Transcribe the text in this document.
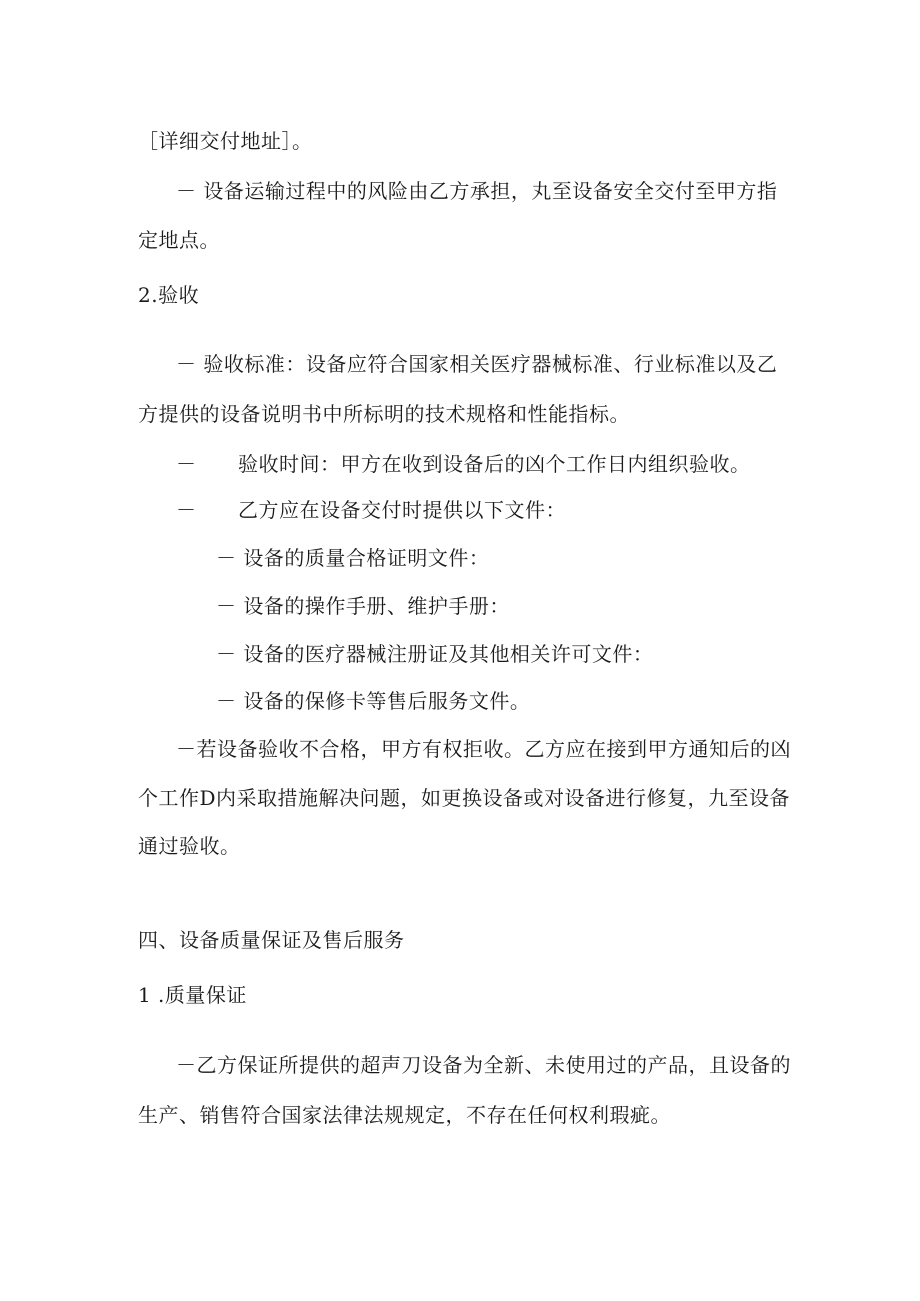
［详细交付地址］。
－ 设备运输过程中的风险由乙方承担，丸至设备安全交付至甲方指
定地点。
2.验收
－ 验收标准：设备应符合国家相关医疗器械标准、行业标准以及乙
方提供的设备说明书中所标明的技术规格和性能指标。
－ 验收时间：甲方在收到设备后的凶个工作日内组织验收。
－ 乙方应在设备交付时提供以下文件：
－ 设备的质量合格证明文件：
－ 设备的操作手册、维护手册：
－ 设备的医疗器械注册证及其他相关许可文件：
－ 设备的保修卡等售后服务文件。
－若设备验收不合格，甲方有权拒收。乙方应在接到甲方通知后的凶
个工作D内采取措施解决问题，如更换设备或对设备进行修复，九至设备
通过验收。
四、设备质量保证及售后服务
1 .质量保证
－乙方保证所提供的超声刀设备为全新、未使用过的产品，且设备的
生产、销售符合国家法律法规规定，不存在任何权利瑕疵。
